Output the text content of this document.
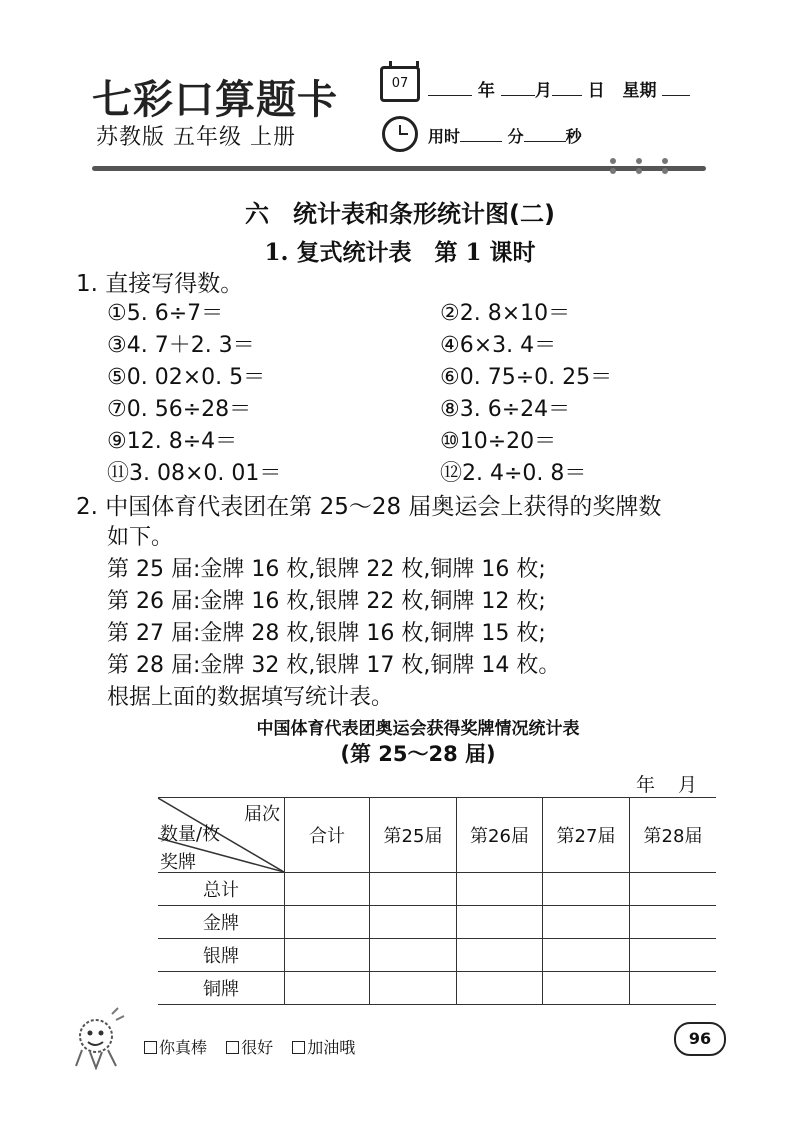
七彩口算题卡
苏教版 五年级 上册
07	年 月 日 星期
用时	分	秒
六　统计表和条形统计图(二)
1. 复式统计表　第 1 课时
1. 直接写得数。
①5. 6÷7＝	②2. 8×10＝
③4. 7＋2. 3＝	④6×3. 4＝
⑤0. 02×0. 5＝	⑥0. 75÷0. 25＝
⑦0. 56÷28＝	⑧3. 6÷24＝
⑨12. 8÷4＝	⑩10÷20＝
⑪3. 08×0. 01＝	⑫2. 4÷0. 8＝
2. 中国体育代表团在第 25～28 届奥运会上获得的奖牌数
如下。
第 25 届:金牌 16 枚,银牌 22 枚,铜牌 16 枚;
第 26 届:金牌 16 枚,银牌 22 枚,铜牌 12 枚;
第 27 届:金牌 28 枚,银牌 16 枚,铜牌 15 枚;
第 28 届:金牌 32 枚,银牌 17 枚,铜牌 14 枚。
根据上面的数据填写统计表。
中国体育代表团奥运会获得奖牌情况统计表
(第 25～28 届)
年　月
届次
数量/枚
奖牌	合计	第25届	第26届	第27届	第28届
总计					
金牌					
银牌					
铜牌					
你真棒 很好 加油哦	96
